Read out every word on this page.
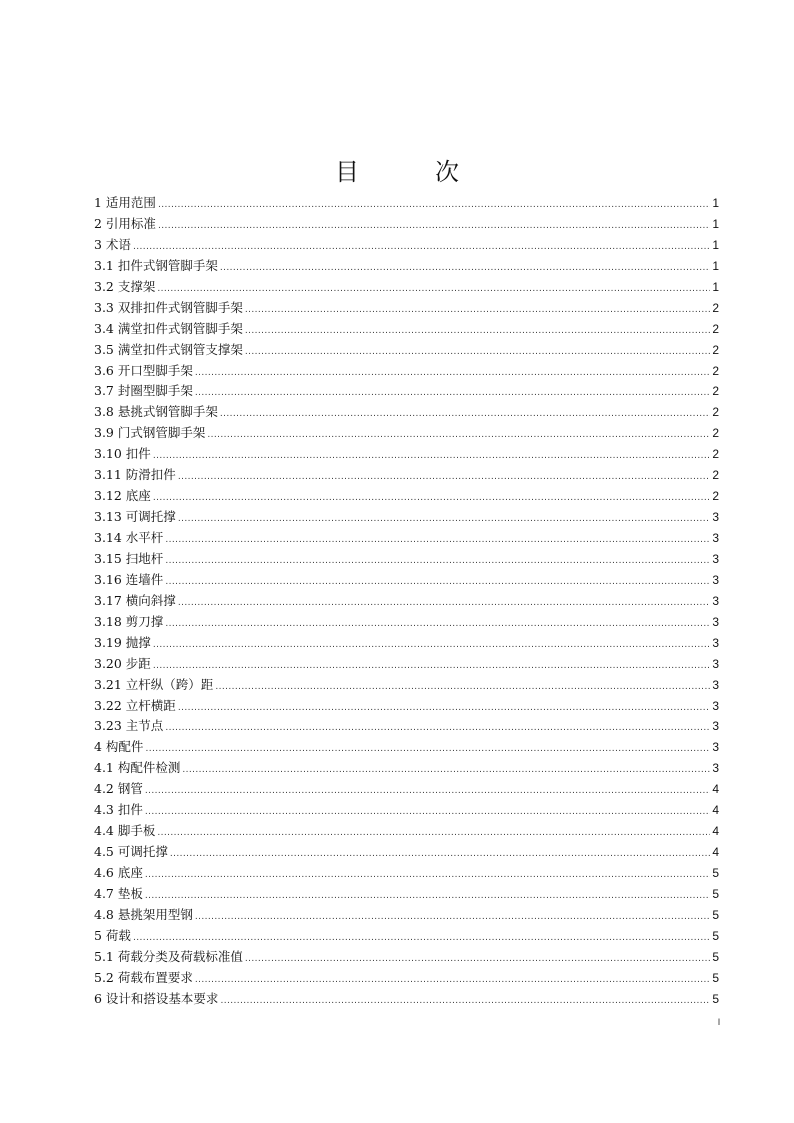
目　次
1 适用范围 .....	1
2 引用标准 .....	1
3 术语 .....	1
3.1 扣件式钢管脚手架 .....	1
3.2 支撑架 .....	1
3.3 双排扣件式钢管脚手架 .....	2
3.4 满堂扣件式钢管脚手架 .....	2
3.5 满堂扣件式钢管支撑架 .....	2
3.6 开口型脚手架 .....	2
3.7 封圈型脚手架 .....	2
3.8 悬挑式钢管脚手架 .....	2
3.9 门式钢管脚手架 .....	2
3.10 扣件 .....	2
3.11 防滑扣件 .....	2
3.12 底座 .....	2
3.13 可调托撑 .....	3
3.14 水平杆 .....	3
3.15 扫地杆 .....	3
3.16 连墙件 .....	3
3.17 横向斜撑 .....	3
3.18 剪刀撑 .....	3
3.19 抛撑 .....	3
3.20 步距 .....	3
3.21 立杆纵（跨）距 .....	3
3.22 立杆横距 .....	3
3.23 主节点 .....	3
4 构配件 .....	3
4.1 构配件检测 .....	3
4.2 钢管 .....	4
4.3 扣件 .....	4
4.4 脚手板 .....	4
4.5 可调托撑 .....	4
4.6 底座 .....	5
4.7 垫板 .....	5
4.8 悬挑架用型钢 .....	5
5 荷载 .....	5
5.1 荷载分类及荷载标准值 .....	5
5.2 荷载布置要求 .....	5
6 设计和搭设基本要求 .....	5
I
